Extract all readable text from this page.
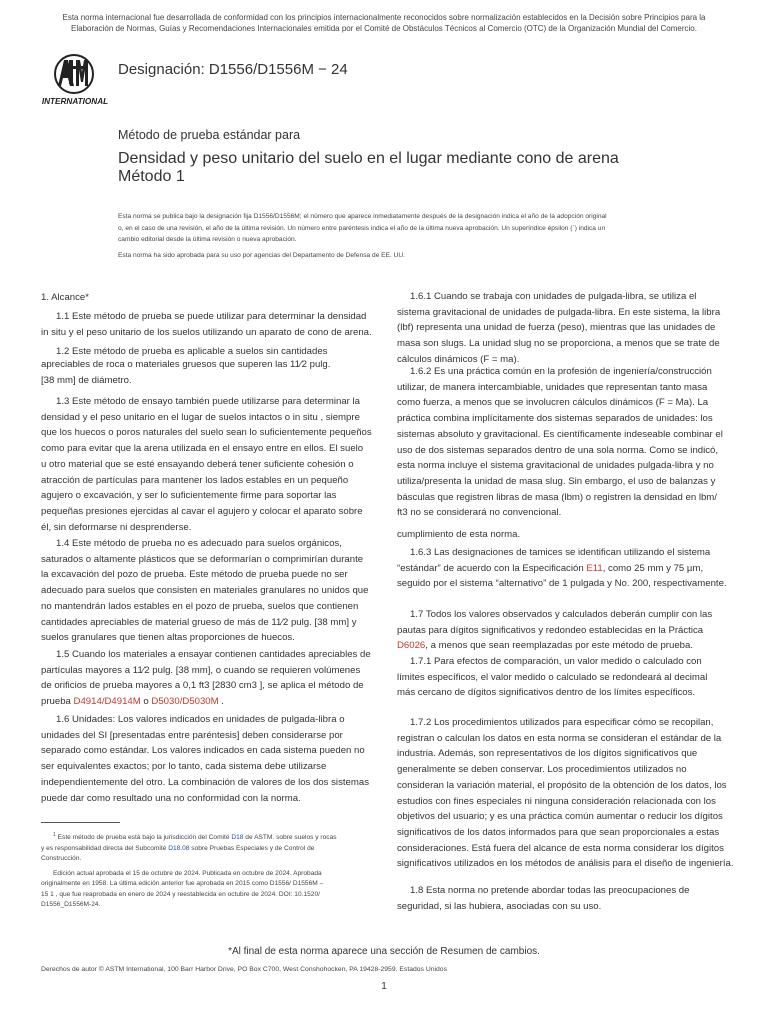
Esta norma internacional fue desarrollada de conformidad con los principios internacionalmente reconocidos sobre normalización establecidos en la Decisión sobre Principios para la
Elaboración de Normas, Guías y Recomendaciones Internacionales emitida por el Comité de Obstáculos Técnicos al Comercio (OTC) de la Organización Mundial del Comercio.
INTERNATIONAL
Designación: D1556/D1556M − 24
Método de prueba estándar para
Densidad y peso unitario del suelo en el lugar mediante cono de arena
Método 1
Esta norma se publica bajo la designación fija D1556/D1556M; el número que aparece inmediatamente después de la designación indica el año de la adopción original
o, en el caso de una revisión, el año de la última revisión. Un número entre paréntesis indica el año de la última nueva aprobación. Un superíndice épsilon (´) indica un
cambio editorial desde la última revisión o nueva aprobación.
Esta norma ha sido aprobada para su uso por agencias del Departamento de Defensa de EE. UU.
1. Alcance*
1.1 Este método de prueba se puede utilizar para determinar la densidad
in situ y el peso unitario de los suelos utilizando un aparato de cono de arena.
1.2 Este método de prueba es aplicable a suelos sin cantidades
apreciables de roca o materiales gruesos que superen las 11⁄2 pulg.
[38 mm] de diámetro.
1.3 Este método de ensayo también puede utilizarse para determinar la
densidad y el peso unitario en el lugar de suelos intactos o in situ , siempre
que los huecos o poros naturales del suelo sean lo suficientemente pequeños
como para evitar que la arena utilizada en el ensayo entre en ellos. El suelo
u otro material que se esté ensayando deberá tener suficiente cohesión o
atracción de partículas para mantener los lados estables en un pequeño
agujero o excavación, y ser lo suficientemente firme para soportar las
pequeñas presiones ejercidas al cavar el agujero y colocar el aparato sobre
él, sin deformarse ni desprenderse.
1.4 Este método de prueba no es adecuado para suelos orgánicos,
saturados o altamente plásticos que se deformarían o comprimirían durante
la excavación del pozo de prueba. Este método de prueba puede no ser
adecuado para suelos que consisten en materiales granulares no unidos que
no mantendrán lados estables en el pozo de prueba, suelos que contienen
cantidades apreciables de material grueso de más de 11⁄2 pulg. [38 mm] y
suelos granulares que tienen altas proporciones de huecos.
1.5 Cuando los materiales a ensayar contienen cantidades apreciables de
partículas mayores a 11⁄2 pulg. [38 mm], o cuando se requieren volúmenes
de orificios de prueba mayores a 0,1 ft3 [2830 cm3 ], se aplica el método de
prueba D4914/D4914M o D5030/D5030M .
1.6 Unidades: Los valores indicados en unidades de pulgada-libra o
unidades del SI [presentadas entre paréntesis] deben considerarse por
separado como estándar. Los valores indicados en cada sistema pueden no
ser equivalentes exactos; por lo tanto, cada sistema debe utilizarse
independientemente del otro. La combinación de valores de los dos sistemas
puede dar como resultado una no conformidad con la norma.
$^1$ Este método de prueba está bajo la jurisdicción del Comité D18 de ASTM. sobre suelos y rocas
y es responsabilidad directa del Subcomité D18.08 sobre Pruebas Especiales y de Control de
Construcción.
Edición actual aprobada el 15 de octubre de 2024. Publicada en octubre de 2024. Aprobada
originalmente en 1958. La última edición anterior fue aprobada en 2015 como D1556/ D1556M –
15 1 , que fue reaprobada en enero de 2024 y reestablecida en octubre de 2024. DOI: 10.1520/
D1556_D1556M-24.
1.6.1 Cuando se trabaja con unidades de pulgada-libra, se utiliza el
sistema gravitacional de unidades de pulgada-libra. En este sistema, la libra
(lbf) representa una unidad de fuerza (peso), mientras que las unidades de
masa son slugs. La unidad slug no se proporciona, a menos que se trate de
cálculos dinámicos (F = ma).
1.6.2 Es una práctica común en la profesión de ingeniería/construcción
utilizar, de manera intercambiable, unidades que representan tanto masa
como fuerza, a menos que se involucren cálculos dinámicos (F = Ma). La
práctica combina implícitamente dos sistemas separados de unidades: los
sistemas absoluto y gravitacional. Es científicamente indeseable combinar el
uso de dos sistemas separados dentro de una sola norma. Como se indicó,
esta norma incluye el sistema gravitacional de unidades pulgada-libra y no
utiliza/presenta la unidad de masa slug. Sin embargo, el uso de balanzas y
básculas que registren libras de masa (lbm) o registren la densidad en lbm/
ft3 no se considerará no convencional.
cumplimiento de esta norma.
1.6.3 Las designaciones de tamices se identifican utilizando el sistema
“estándar” de acuerdo con la Especificación E11, como 25 mm y 75 µm,
seguido por el sistema “alternativo” de 1 pulgada y No. 200, respectivamente.
1.7 Todos los valores observados y calculados deberán cumplir con las
pautas para dígitos significativos y redondeo establecidas en la Práctica
D6026, a menos que sean reemplazadas por este método de prueba.
1.7.1 Para efectos de comparación, un valor medido o calculado con
límites específicos, el valor medido o calculado se redondeará al decimal
más cercano de dígitos significativos dentro de los límites específicos.
1.7.2 Los procedimientos utilizados para especificar cómo se recopilan,
registran o calculan los datos en esta norma se consideran el estándar de la
industria. Además, son representativos de los dígitos significativos que
generalmente se deben conservar. Los procedimientos utilizados no
consideran la variación material, el propósito de la obtención de los datos, los
estudios con fines especiales ni ninguna consideración relacionada con los
objetivos del usuario; y es una práctica común aumentar o reducir los dígitos
significativos de los datos informados para que sean proporcionales a estas
consideraciones. Está fuera del alcance de esta norma considerar los dígitos
significativos utilizados en los métodos de análisis para el diseño de ingeniería.
1.8 Esta norma no pretende abordar todas las preocupaciones de
seguridad, si las hubiera, asociadas con su uso.
*Al final de esta norma aparece una sección de Resumen de cambios.
Derechos de autor © ASTM International, 100 Barr Harbor Drive, PO Box C700, West Conshohocken, PA 19428-2959. Estados Unidos
1
